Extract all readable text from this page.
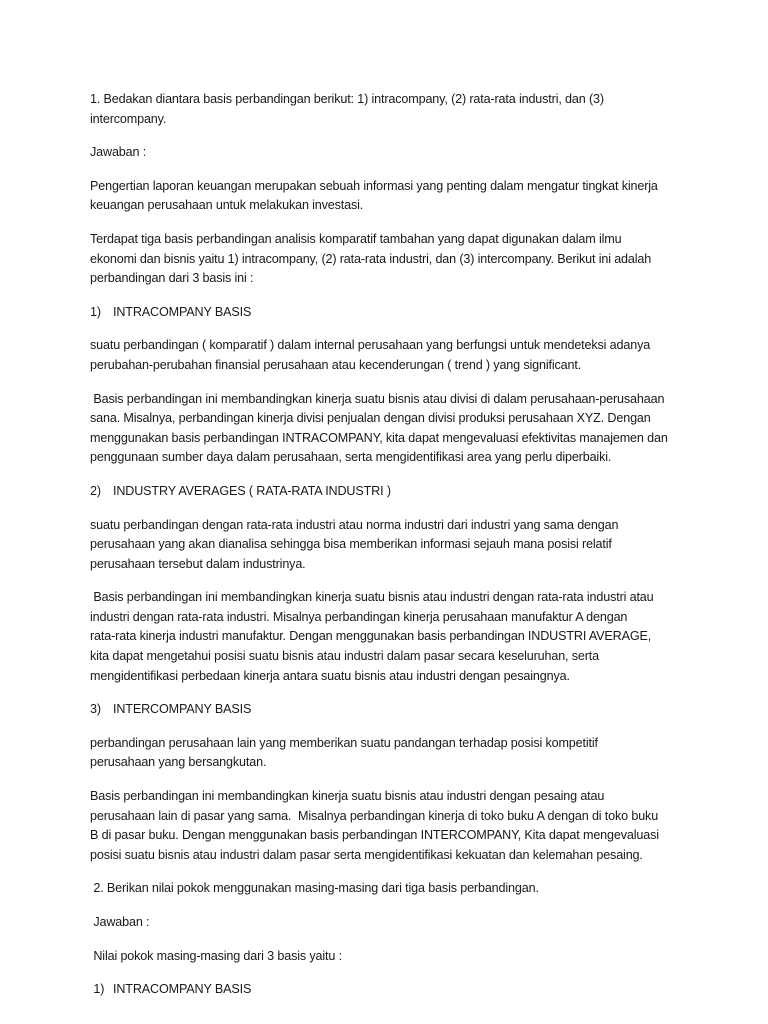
1. Bedakan diantara basis perbandingan berikut: 1) intracompany, (2) rata-rata industri, dan (3)
intercompany.

Jawaban :

Pengertian laporan keuangan merupakan sebuah informasi yang penting dalam mengatur tingkat kinerja
keuangan perusahaan untuk melakukan investasi.

Terdapat tiga basis perbandingan analisis komparatif tambahan yang dapat digunakan dalam ilmu
ekonomi dan bisnis yaitu 1) intracompany, (2) rata-rata industri, dan (3) intercompany. Berikut ini adalah
perbandingan dari 3 basis ini :

1) INTRACOMPANY BASIS

suatu perbandingan ( komparatif ) dalam internal perusahaan yang berfungsi untuk mendeteksi adanya
perubahan-perubahan finansial perusahaan atau kecenderungan ( trend ) yang significant.

Basis perbandingan ini membandingkan kinerja suatu bisnis atau divisi di dalam perusahaan-perusahaan
sana. Misalnya, perbandingan kinerja divisi penjualan dengan divisi produksi perusahaan XYZ. Dengan
menggunakan basis perbandingan INTRACOMPANY, kita dapat mengevaluasi efektivitas manajemen dan
penggunaan sumber daya dalam perusahaan, serta mengidentifikasi area yang perlu diperbaiki.

2) INDUSTRY AVERAGES ( RATA-RATA INDUSTRI )

suatu perbandingan dengan rata-rata industri atau norma industri dari industri yang sama dengan
perusahaan yang akan dianalisa sehingga bisa memberikan informasi sejauh mana posisi relatif
perusahaan tersebut dalam industrinya.

Basis perbandingan ini membandingkan kinerja suatu bisnis atau industri dengan rata-rata industri atau
industri dengan rata-rata industri. Misalnya perbandingan kinerja perusahaan manufaktur A dengan
rata-rata kinerja industri manufaktur. Dengan menggunakan basis perbandingan INDUSTRI AVERAGE,
kita dapat mengetahui posisi suatu bisnis atau industri dalam pasar secara keseluruhan, serta
mengidentifikasi perbedaan kinerja antara suatu bisnis atau industri dengan pesaingnya.

3) INTERCOMPANY BASIS

perbandingan perusahaan lain yang memberikan suatu pandangan terhadap posisi kompetitif
perusahaan yang bersangkutan.

Basis perbandingan ini membandingkan kinerja suatu bisnis atau industri dengan pesaing atau
perusahaan lain di pasar yang sama.  Misalnya perbandingan kinerja di toko buku A dengan di toko buku
B di pasar buku. Dengan menggunakan basis perbandingan INTERCOMPANY, Kita dapat mengevaluasi
posisi suatu bisnis atau industri dalam pasar serta mengidentifikasi kekuatan dan kelemahan pesaing.

2. Berikan nilai pokok menggunakan masing-masing dari tiga basis perbandingan.

Jawaban :

Nilai pokok masing-masing dari 3 basis yaitu :

1) INTRACOMPANY BASIS
